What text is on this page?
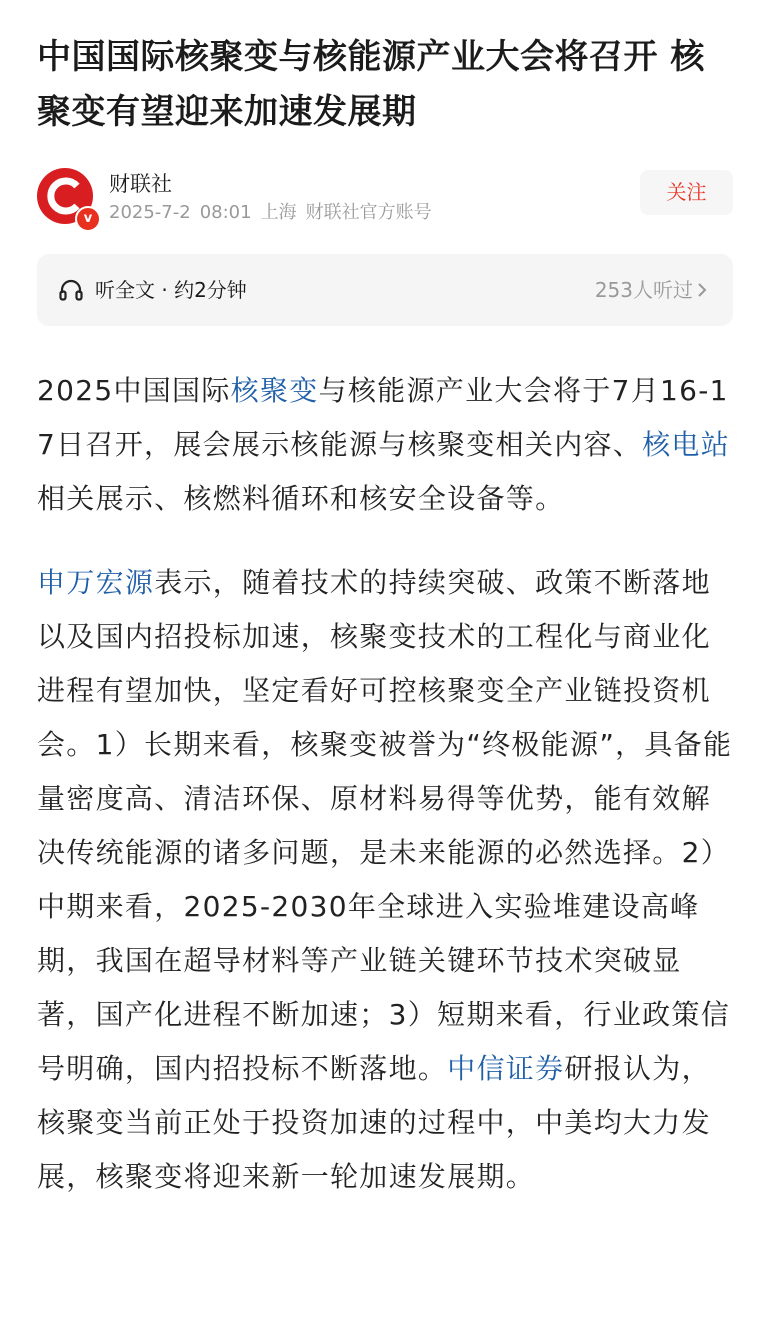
中国国际核聚变与核能源产业大会将召开 核聚变有望迎来加速发展期
v
财联社
2025-7-2 08:01 上海 财联社官方账号
关注
听全文 · 约2分钟	253人听过

2025中国国际核聚变与核能源产业大会将于7月16-17日召开，展会展示核能源与核聚变相关内容、核电站相关展示、核燃料循环和核安全设备等。

申万宏源表示，随着技术的持续突破、政策不断落地以及国内招投标加速，核聚变技术的工程化与商业化进程有望加快，坚定看好可控核聚变全产业链投资机会。1）长期来看，核聚变被誉为“终极能源”，具备能量密度高、清洁环保、原材料易得等优势，能有效解决传统能源的诸多问题，是未来能源的必然选择。2）中期来看，2025-2030年全球进入实验堆建设高峰期，我国在超导材料等产业链关键环节技术突破显著，国产化进程不断加速；3）短期来看，行业政策信号明确，国内招投标不断落地。中信证券研报认为，核聚变当前正处于投资加速的过程中，中美均大力发展，核聚变将迎来新一轮加速发展期。
